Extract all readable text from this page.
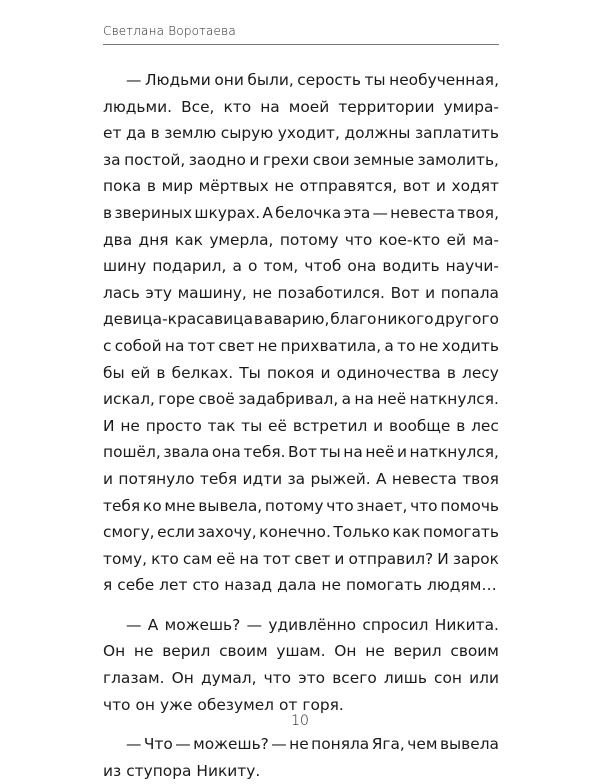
Светлана Воротаева
— Людьми они были, серость ты необученная,
людьми. Все, кто на моей территории умира-
ет да в землю сырую уходит, должны заплатить
за постой, заодно и грехи свои земные замолить,
пока в мир мёртвых не отправятся, вот и ходят
в звериных шкурах. А белочка эта — невеста твоя,
два дня как умерла, потому что кое-кто ей ма-
шину подарил, а о том, чтоб она водить научи-
лась эту машину, не позаботился. Вот и попала
девица-красавица в аварию, благо никого другого
с собой на тот свет не прихватила, а то не ходить
бы ей в белках. Ты покоя и одиночества в лесу
искал, горе своё задабривал, а на неё наткнулся.
И не просто так ты её встретил и вообще в лес
пошёл, звала она тебя. Вот ты на неё и наткнулся,
и потянуло тебя идти за рыжей. А невеста твоя
тебя ко мне вывела, потому что знает, что помочь
смогу, если захочу, конечно. Только как помогать
тому, кто сам её на тот свет и отправил? И зарок
я себе лет сто назад дала не помогать людям…
— А можешь? — удивлённо спросил Никита.
Он не верил своим ушам. Он не верил своим
глазам. Он думал, что это всего лишь сон или
что он уже обезумел от горя.
— Что — можешь? — не поняла Яга, чем вывела
из ступора Никиту.
10
